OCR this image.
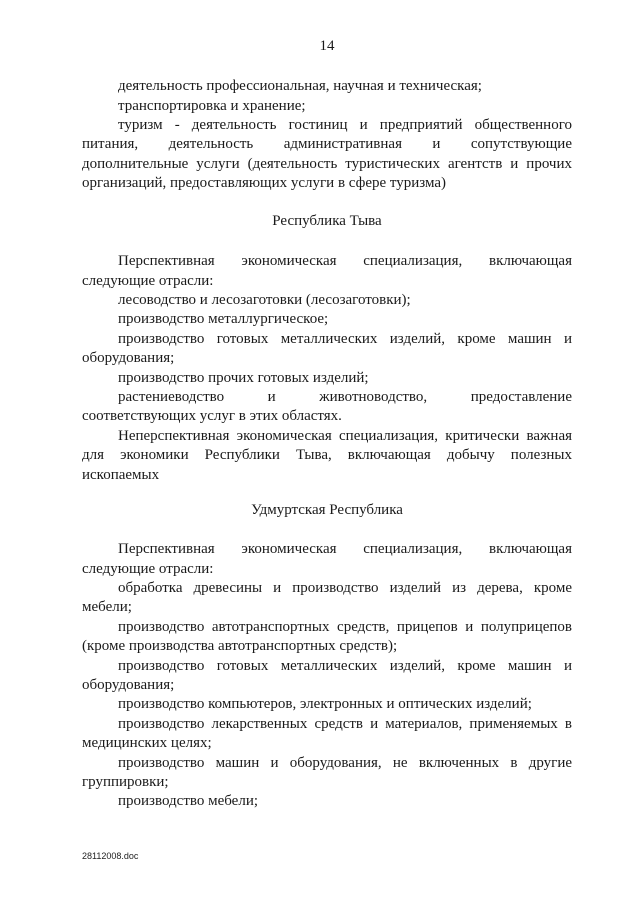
14
деятельность профессиональная, научная и техническая;
транспортировка и хранение;
туризм - деятельность гостиниц и предприятий общественного
питания, деятельность административная и сопутствующие
дополнительные услуги (деятельность туристических агентств и прочих
организаций, предоставляющих услуги в сфере туризма)
Республика Тыва
Перспективная экономическая специализация, включающая
следующие отрасли:
лесоводство и лесозаготовки (лесозаготовки);
производство металлургическое;
производство готовых металлических изделий, кроме машин и
оборудования;
производство прочих готовых изделий;
растениеводство и животноводство, предоставление
соответствующих услуг в этих областях.
Неперспективная экономическая специализация, критически важная
для экономики Республики Тыва, включающая добычу полезных
ископаемых
Удмуртская Республика
Перспективная экономическая специализация, включающая
следующие отрасли:
обработка древесины и производство изделий из дерева, кроме
мебели;
производство автотранспортных средств, прицепов и полуприцепов
(кроме производства автотранспортных средств);
производство готовых металлических изделий, кроме машин и
оборудования;
производство компьютеров, электронных и оптических изделий;
производство лекарственных средств и материалов, применяемых в
медицинских целях;
производство машин и оборудования, не включенных в другие
группировки;
производство мебели;
28112008.doc
